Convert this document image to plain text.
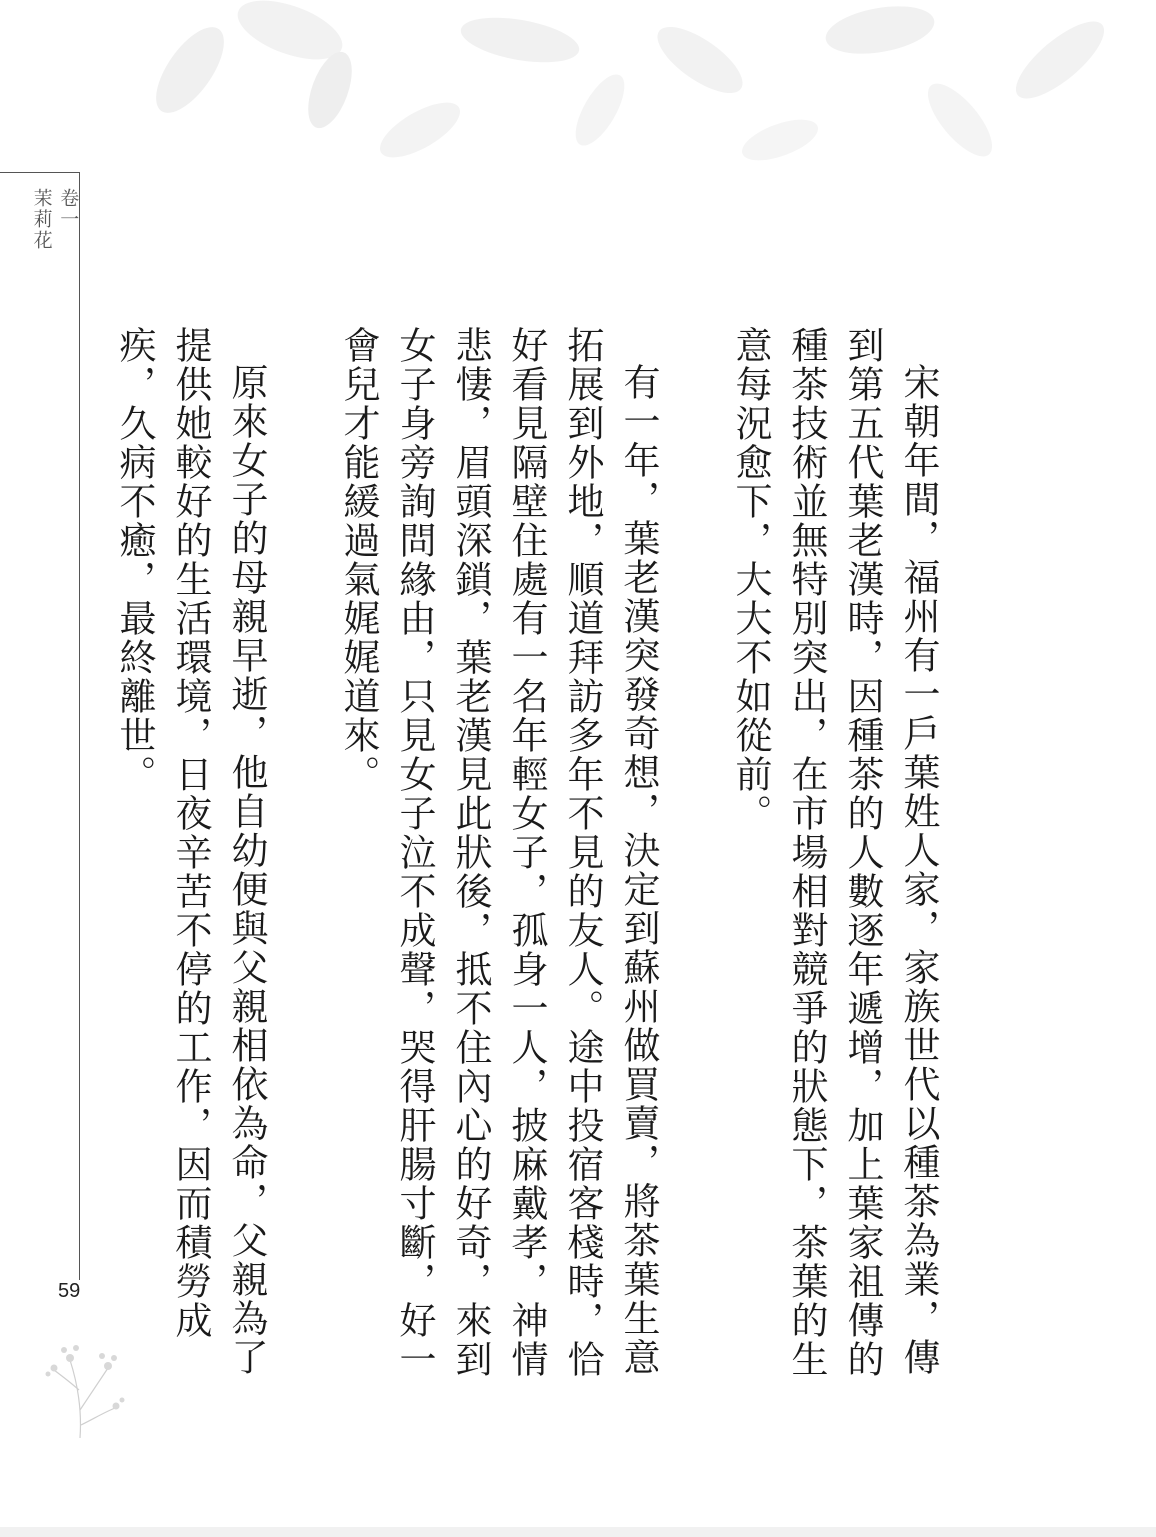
卷一
茉莉花
59	宋朝年間，福州有一戶葉姓人家，家族世代以種茶為業，傳到第五代葉老漢時，因種茶的人數逐年遞增，加上葉家祖傳的種茶技術並無特別突出，在市場相對競爭的狀態下，茶葉的生意每況愈下，大大不如從前。

有一年，葉老漢突發奇想，決定到蘇州做買賣，將茶葉生意拓展到外地，順道拜訪多年不見的友人。途中投宿客棧時，恰好看見隔壁住處有一名年輕女子，孤身一人，披麻戴孝，神情悲悽，眉頭深鎖，葉老漢見此狀後，抵不住內心的好奇，來到女子身旁詢問緣由，只見女子泣不成聲，哭得肝腸寸斷，好一會兒才能緩過氣娓娓道來。

原來女子的母親早逝，他自幼便與父親相依為命，父親為了提供她較好的生活環境，日夜辛苦不停的工作，因而積勞成疾，久病不癒，最終離世。
